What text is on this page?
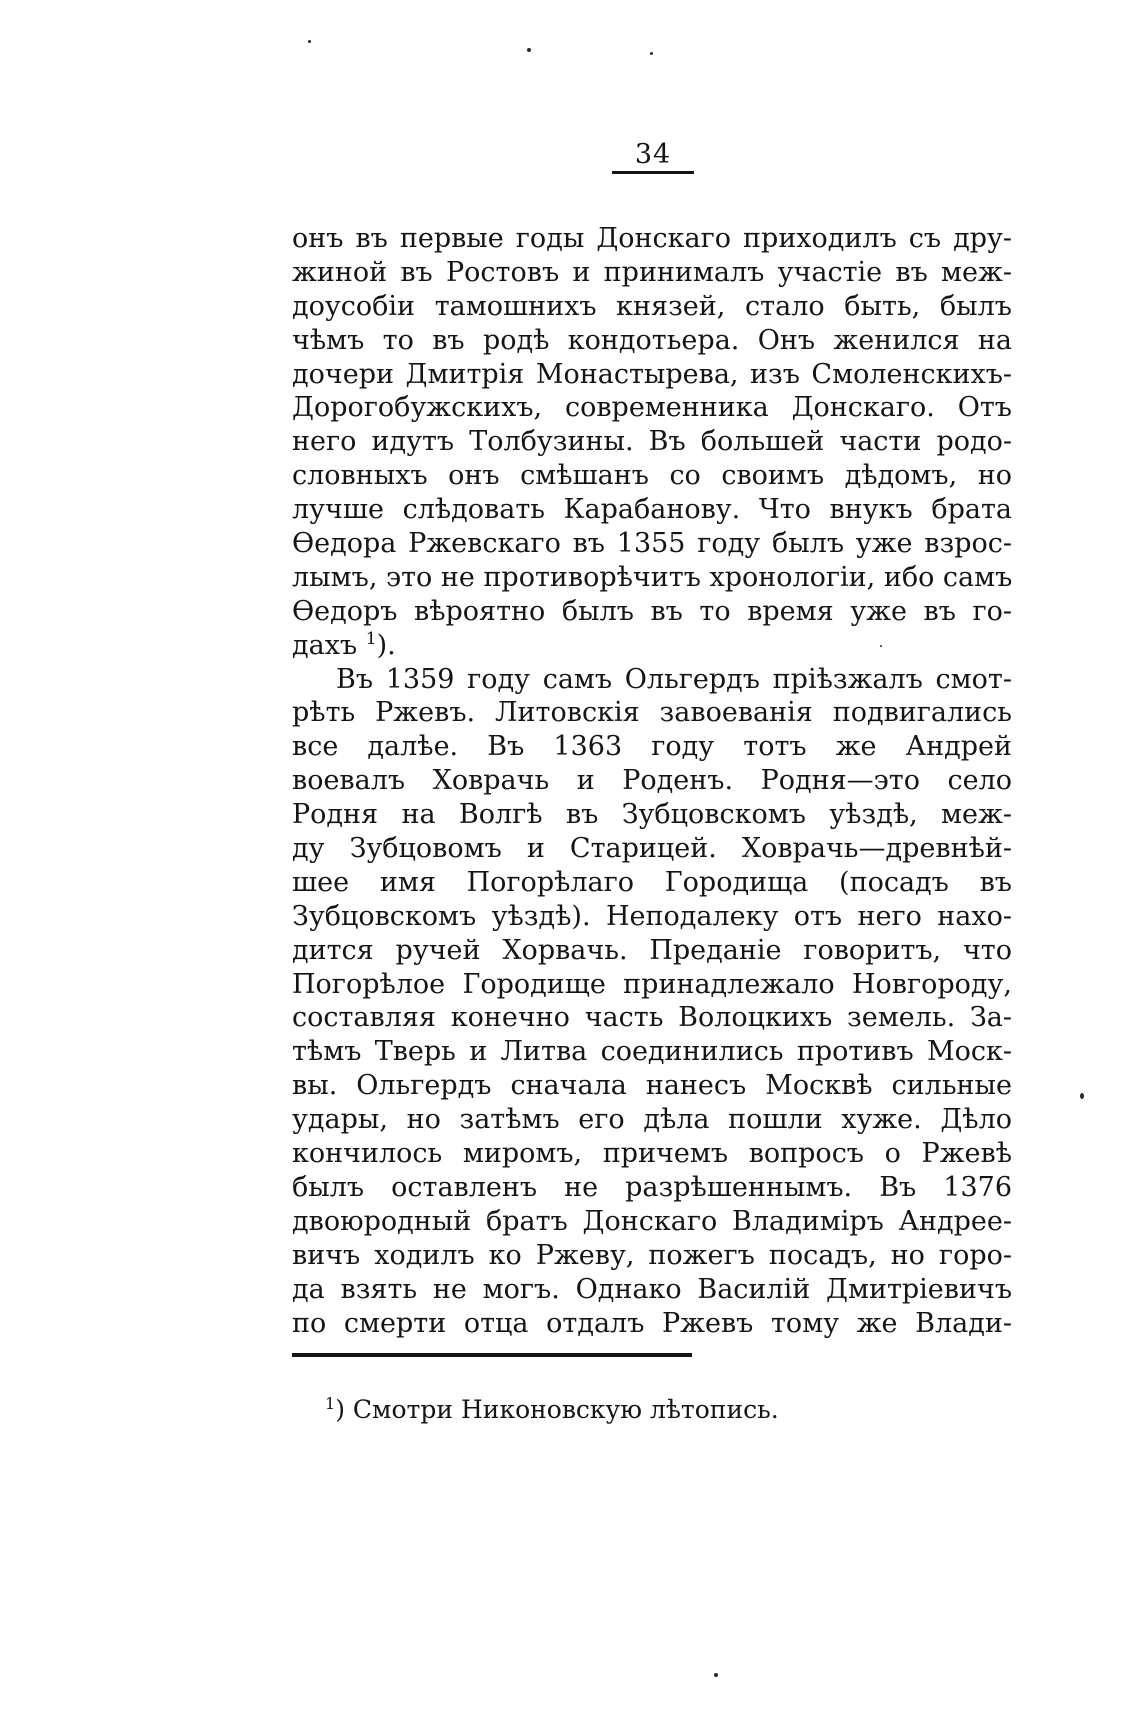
34
онъ въ первые годы Донскаго приходилъ съ дру-
жиной въ Ростовъ и принималъ участіе въ меж-
доусобіи тамошнихъ князей, стало быть, былъ
чѣмъ то въ родѣ кондотьера. Онъ женился на
дочери Дмитрія Монастырева, изъ Смоленскихъ-
Дорогобужскихъ, современника Донскаго. Отъ
него идутъ Толбузины. Въ большей части родо-
словныхъ онъ смѣшанъ со своимъ дѣдомъ, но
лучше слѣдовать Карабанову. Что внукъ брата
Ѳедора Ржевскаго въ 1355 году былъ уже взрос-
лымъ, это не противорѣчитъ хронологіи, ибо самъ
Ѳедоръ вѣроятно былъ въ то время уже въ го-
дахъ $^1$).
Въ 1359 году самъ Ольгердъ пріѣзжалъ смот-
рѣть Ржевъ. Литовскія завоеванія подвигались
все далѣе. Въ 1363 году тотъ же Андрей
воевалъ Ховрачь и Роденъ. Родня—это село
Родня на Волгѣ въ Зубцовскомъ уѣздѣ, меж-
ду Зубцовомъ и Старицей. Ховрачь—древнѣй-
шее имя Погорѣлаго Городища (посадъ въ
Зубцовскомъ уѣздѣ). Неподалеку отъ него нахо-
дится ручей Хорвачь. Преданіе говоритъ, что
Погорѣлое Городище принадлежало Новгороду,
составляя конечно часть Волоцкихъ земель. За-
тѣмъ Тверь и Литва соединились противъ Моск-
вы. Ольгердъ сначала нанесъ Москвѣ сильные
удары, но затѣмъ его дѣла пошли хуже. Дѣло
кончилось миромъ, причемъ вопросъ о Ржевѣ
былъ оставленъ не разрѣшеннымъ. Въ 1376
двоюродный братъ Донскаго Владиміръ Андрее-
вичъ ходилъ ко Ржеву, пожегъ посадъ, но горо-
да взять не могъ. Однако Василій Дмитріевичъ
по смерти отца отдалъ Ржевъ тому же Влади-
$^1$) Смотри Никоновскую лѣтопись.
